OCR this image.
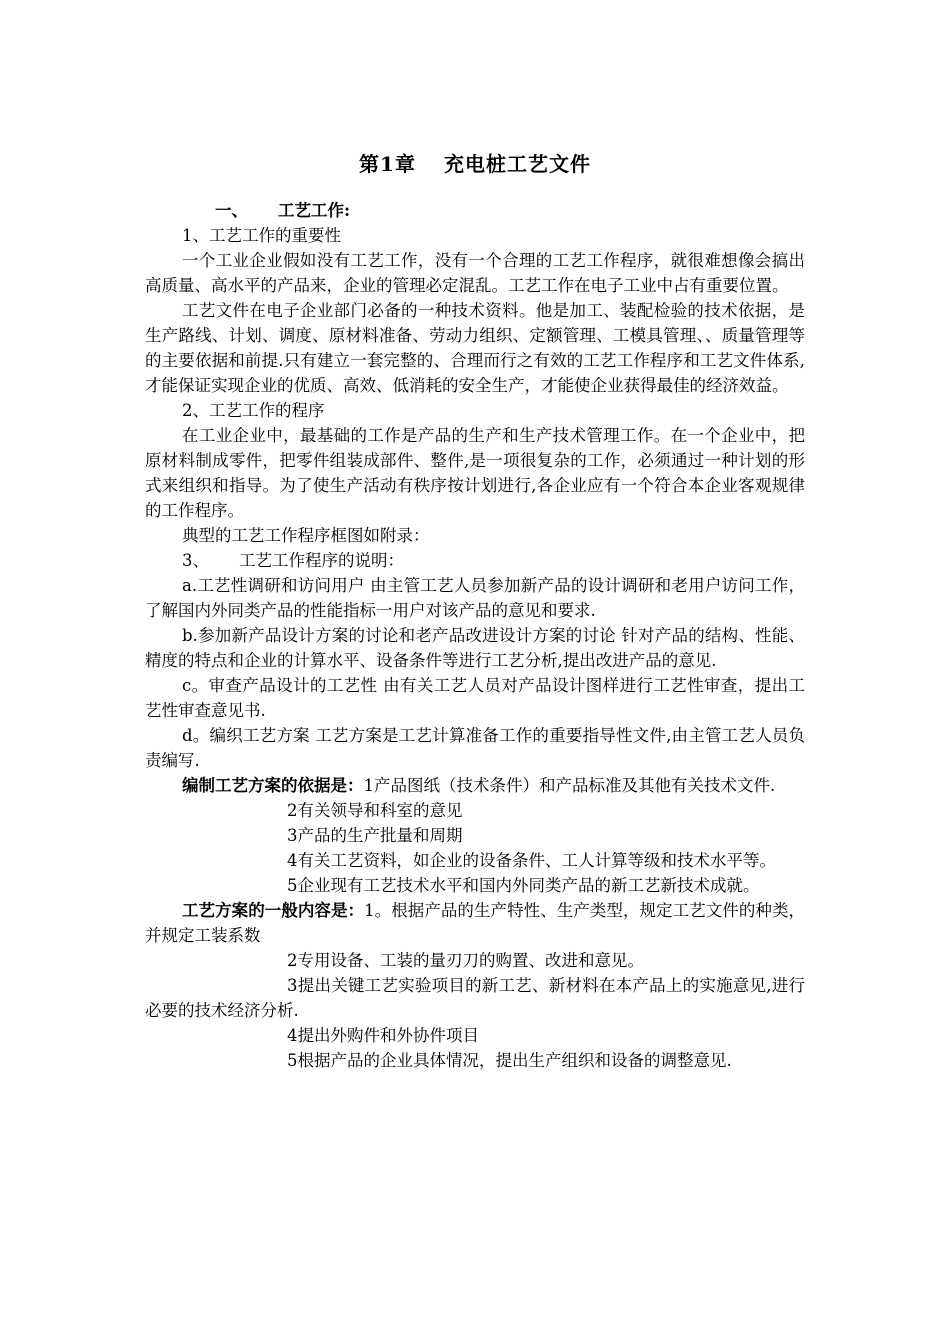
第1章 充电桩工艺文件

一、 工艺工作:

1、工艺工作的重要性

一个工业企业假如没有工艺工作，没有一个合理的工艺工作程序，就很难想像会搞出高质量、高水平的产品来，企业的管理必定混乱。工艺工作在电子工业中占有重要位置。

工艺文件在电子企业部门必备的一种技术资料。他是加工、装配检验的技术依据，是生产路线、计划、调度、原材料准备、劳动力组织、定额管理、工模具管理、、质量管理等的主要依据和前提.只有建立一套完整的、合理而行之有效的工艺工作程序和工艺文件体系,才能保证实现企业的优质、高效、低消耗的安全生产，才能使企业获得最佳的经济效益。

2、工艺工作的程序

在工业企业中，最基础的工作是产品的生产和生产技术管理工作。在一个企业中，把原材料制成零件，把零件组装成部件、整件,是一项很复杂的工作，必须通过一种计划的形式来组织和指导。为了使生产活动有秩序按计划进行,各企业应有一个符合本企业客观规律的工作程序。

典型的工艺工作程序框图如附录：

3、 工艺工作程序的说明：

a.工艺性调研和访问用户 由主管工艺人员参加新产品的设计调研和老用户访问工作，了解国内外同类产品的性能指标一用户对该产品的意见和要求.

b.参加新产品设计方案的讨论和老产品改进设计方案的讨论 针对产品的结构、性能、精度的特点和企业的计算水平、设备条件等进行工艺分析,提出改进产品的意见.

c。审查产品设计的工艺性 由有关工艺人员对产品设计图样进行工艺性审查，提出工艺性审查意见书.

d。编织工艺方案 工艺方案是工艺计算准备工作的重要指导性文件,由主管工艺人员负责编写.

编制工艺方案的依据是：1产品图纸（技术条件）和产品标准及其他有关技术文件.

2有关领导和科室的意见

3产品的生产批量和周期

4有关工艺资料，如企业的设备条件、工人计算等级和技术水平等。

5企业现有工艺技术水平和国内外同类产品的新工艺新技术成就。

工艺方案的一般内容是：1。根据产品的生产特性、生产类型，规定工艺文件的种类，并规定工装系数

2专用设备、工装的量刃刀的购置、改进和意见。

3提出关键工艺实验项目的新工艺、新材料在本产品上的实施意见,进行必要的技术经济分析.

4提出外购件和外协件项目

5根据产品的企业具体情况，提出生产组织和设备的调整意见.
